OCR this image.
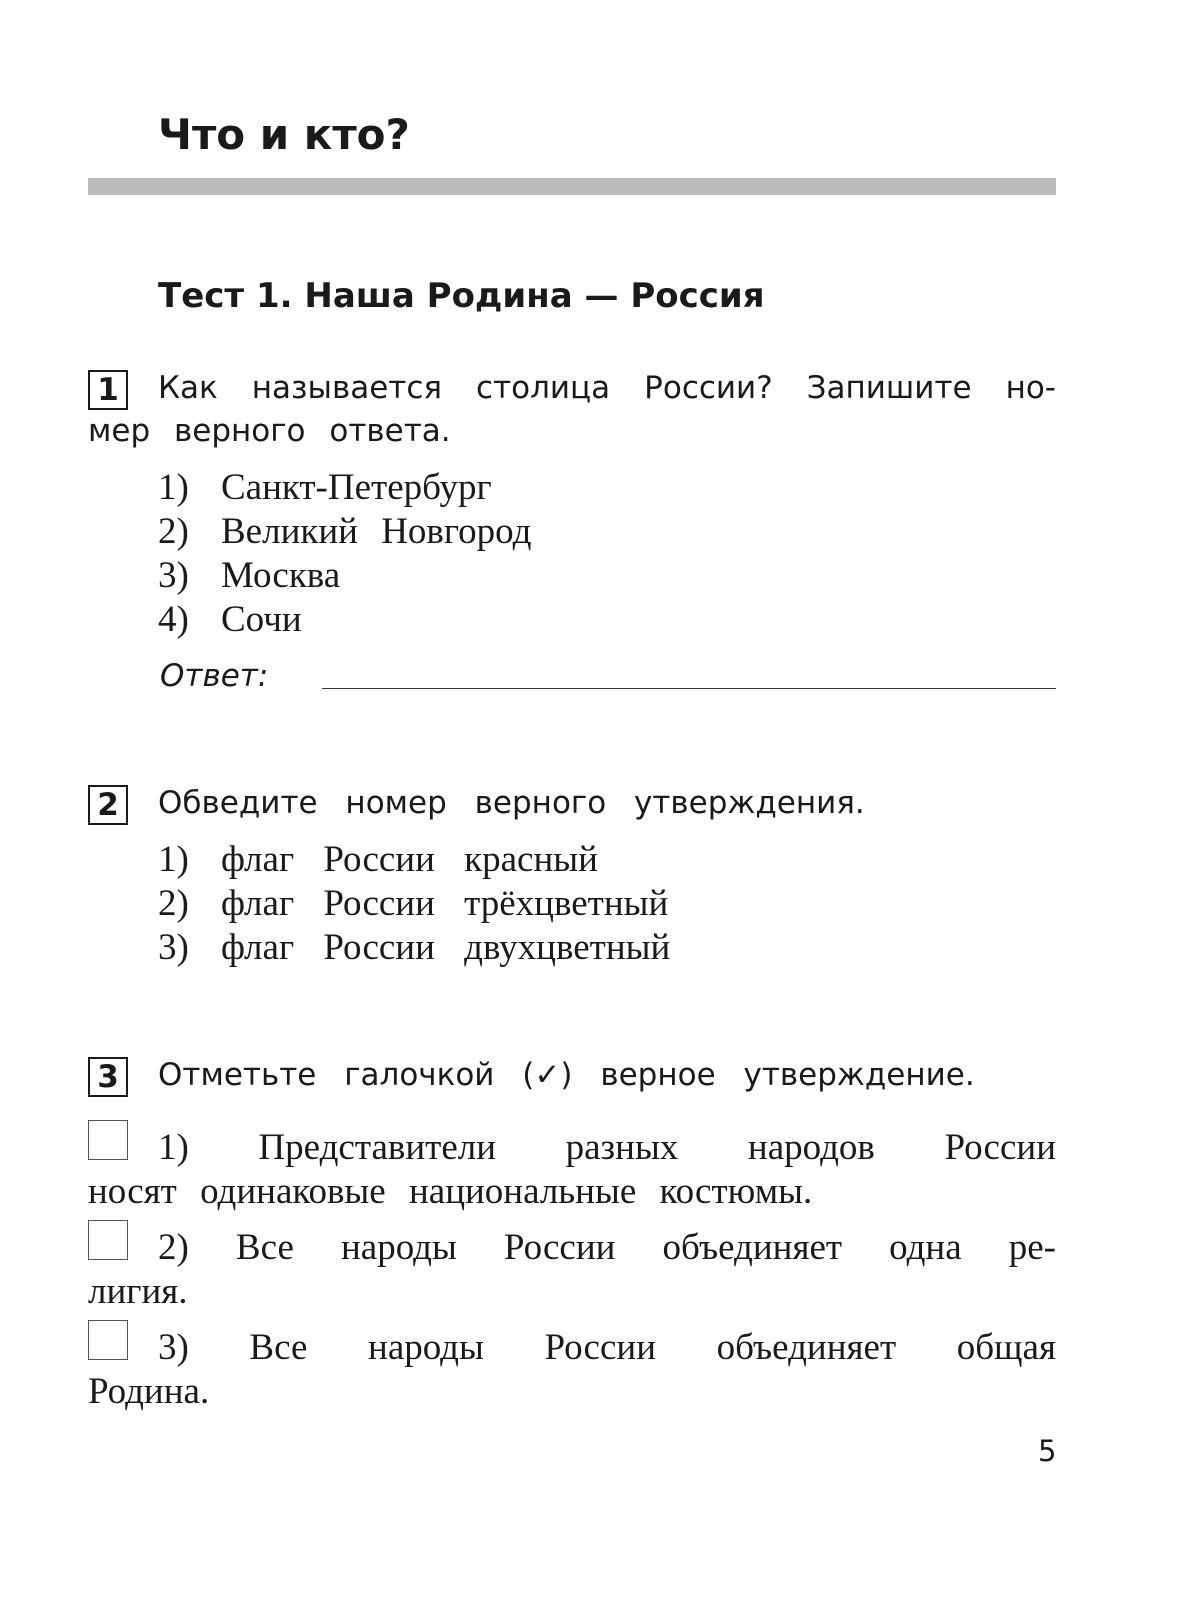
Что и кто?
Тест 1. Наша Родина — Россия
1 Как называется столица России? Запишите но-
мер верного ответа.
1) Санкт-Петербург
2) Великий Новгород
3) Москва
4) Сочи
Ответ:
2 Обведите номер верного утверждения.
1) флаг России красный
2) флаг России трёхцветный
3) флаг России двухцветный
3 Отметьте галочкой (✓) верное утверждение.
1) Представители разных народов России
носят одинаковые национальные костюмы.
2) Все народы России объединяет одна ре-
лигия.
3) Все народы России объединяет общая
Родина.
5
